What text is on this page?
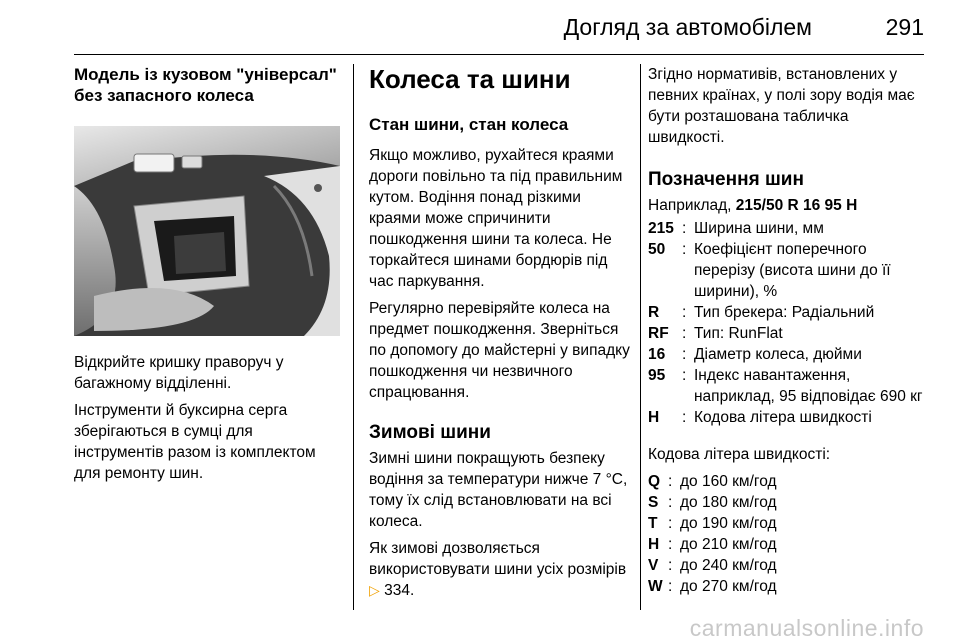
Догляд за автомобілем	291

Модель із кузовом "універсал" без запасного колеса

Відкрийте кришку праворуч у багажному відділенні.

Інструменти й буксирна серга зберігаються в сумці для інструментів разом із комплектом для ремонту шин.

Колеса та шини

Стан шини, стан колеса

Якщо можливо, рухайтеся краями дороги повільно та під правильним кутом. Водіння понад різкими краями може спричинити пошкодження шини та колеса. Не торкайтеся шинами бордюрів під час паркування.

Регулярно перевіряйте колеса на предмет пошкодження. Зверніться по допомогу до майстерні у випадку пошкодження чи незвичного спрацювання.

Зимові шини

Зимні шини покращують безпеку водіння за температури нижче 7 °C, тому їх слід встановлювати на всі колеса.

Як зимові дозволяється використовувати шини усіх розмірів ▷ 334.

Згідно нормативів, встановлених у певних країнах, у полі зору водія має бути розташована табличка швидкості.

Позначення шин

Наприклад, 215/50 R 16 95 H

215 : Ширина шини, мм
50	: Коефіцієнт поперечного перерізу (висота шини до її ширини), %
R	: Тип брекера: Радіальний
RF : Тип: RunFlat
16	: Діаметр колеса, дюйми
95	: Індекс навантаження, наприклад, 95 відповідає 690 кг
H	: Кодова літера швидкості

Кодова літера швидкості:

Q : до 160 км/год
S : до 180 км/год
T : до 190 км/год
H : до 210 км/год
V : до 240 км/год
W : до 270 км/год
carmanualsonline.info
